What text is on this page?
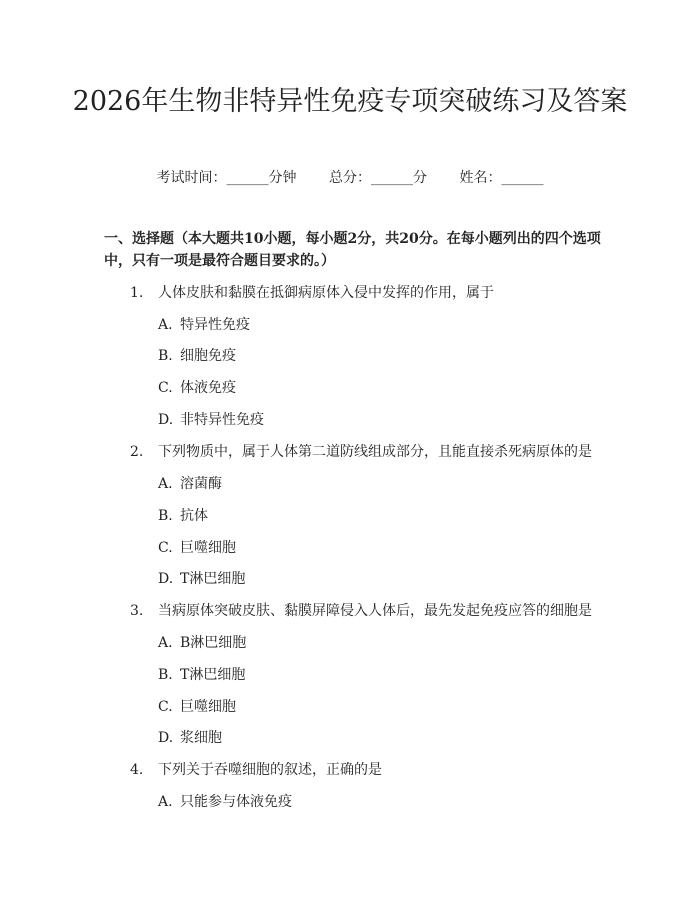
2026年生物非特异性免疫专项突破练习及答案
考试时间：______分钟 总分：______分 姓名：______

一、选择题（本大题共10小题，每小题2分，共20分。在每小题列出的四个选项中，只有一项是最符合题目要求的。）

1. 人体皮肤和黏膜在抵御病原体入侵中发挥的作用，属于
A. 特异性免疫
B. 细胞免疫
C. 体液免疫
D. 非特异性免疫
2. 下列物质中，属于人体第二道防线组成部分，且能直接杀死病原体的是
A. 溶菌酶
B. 抗体
C. 巨噬细胞
D. T淋巴细胞
3. 当病原体突破皮肤、黏膜屏障侵入人体后，最先发起免疫应答的细胞是
A. B淋巴细胞
B. T淋巴细胞
C. 巨噬细胞
D. 浆细胞
4. 下列关于吞噬细胞的叙述，正确的是
A. 只能参与体液免疫
